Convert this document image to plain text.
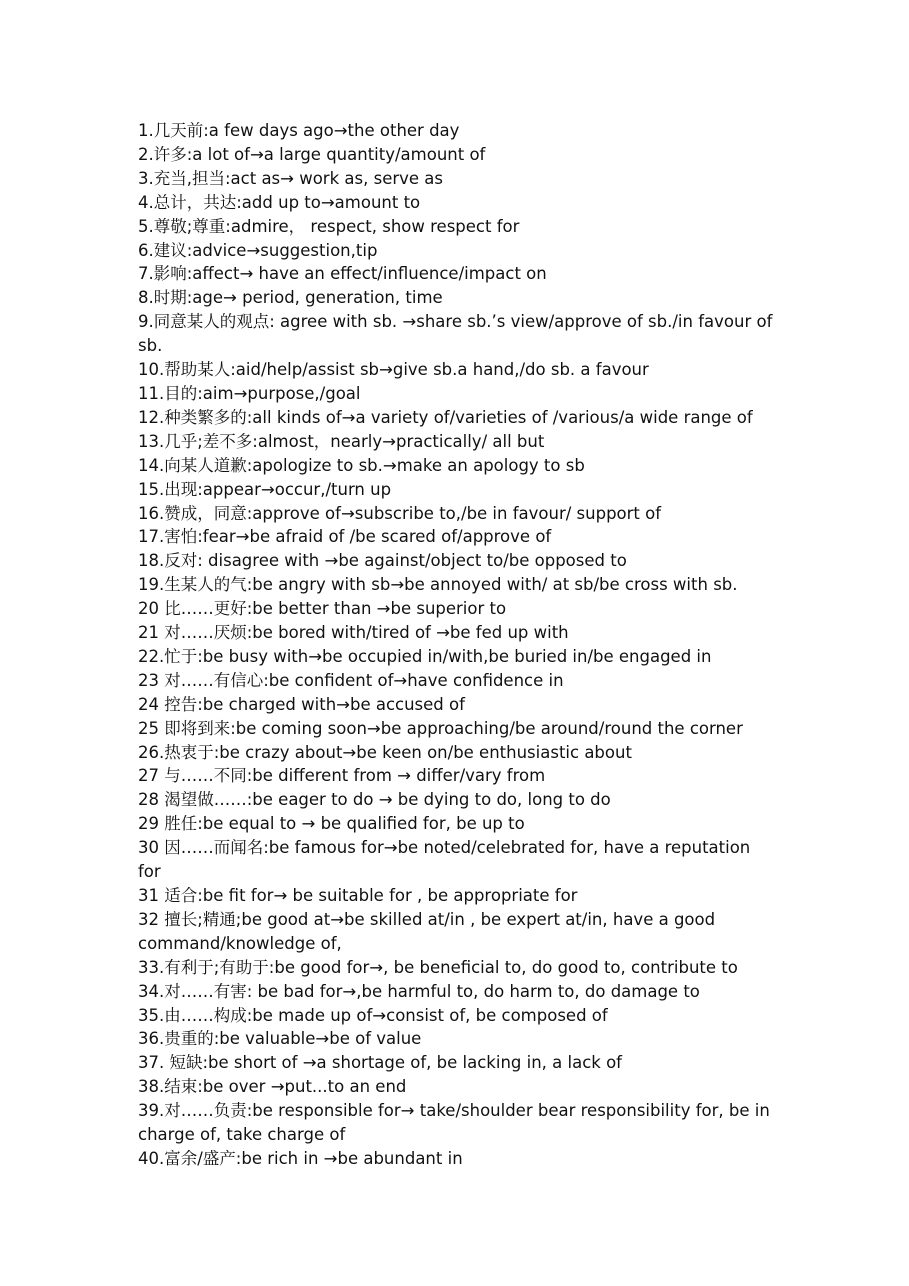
1.几天前:a few days ago→the other day

2.许多:a lot of→a large quantity/amount of

3.充当,担当:act as→ work as, serve as

4.总计，共达:add up to→amount to

5.尊敬;尊重:admire， respect, show respect for

6.建议:advice→suggestion,tip

7.影响:affect→ have an effect/influence/impact on

8.时期:age→ period, generation, time

9.同意某人的观点: agree with sb. →share sb.’s view/approve of sb./in favour of sb.

10.帮助某人:aid/help/assist sb→give sb.a hand,/do sb. a favour

11.目的:aim→purpose,/goal

12.种类繁多的:all kinds of→a variety of/varieties of /various/a wide range of

13.几乎;差不多:almost，nearly→practically/ all but

14.向某人道歉:apologize to sb.→make an apology to sb

15.出现:appear→occur,/turn up

16.赞成，同意:approve of→subscribe to,/be in favour/ support of

17.害怕:fear→be afraid of /be scared of/approve of

18.反对: disagree with →be against/object to/be opposed to

19.生某人的气:be angry with sb→be annoyed with/ at sb/be cross with sb.

20 比……更好:be better than →be superior to

21 对……厌烦:be bored with/tired of →be fed up with

22.忙于:be busy with→be occupied in/with,be buried in/be engaged in

23 对……有信心:be confident of→have confidence in

24 控告:be charged with→be accused of

25 即将到来:be coming soon→be approaching/be around/round the corner

26.热衷于:be crazy about→be keen on/be enthusiastic about

27 与……不同:be different from → differ/vary from

28 渴望做……:be eager to do → be dying to do, long to do

29 胜任:be equal to → be qualified for, be up to

30 因……而闻名:be famous for→be noted/celebrated for, have a reputation for

31 适合:be fit for→ be suitable for , be appropriate for

32 擅长;精通;be good at→be skilled at/in , be expert at/in, have a good command/knowledge of,

33.有利于;有助于:be good for→, be beneficial to, do good to, contribute to

34.对……有害: be bad for→,be harmful to, do harm to, do damage to

35.由……构成:be made up of→consist of, be composed of

36.贵重的:be valuable→be of value

37. 短缺:be short of →a shortage of, be lacking in, a lack of

38.结束:be over →put...to an end

39.对……负责:be responsible for→ take/shoulder bear responsibility for, be in charge of, take charge of

40.富余/盛产:be rich in →be abundant in
